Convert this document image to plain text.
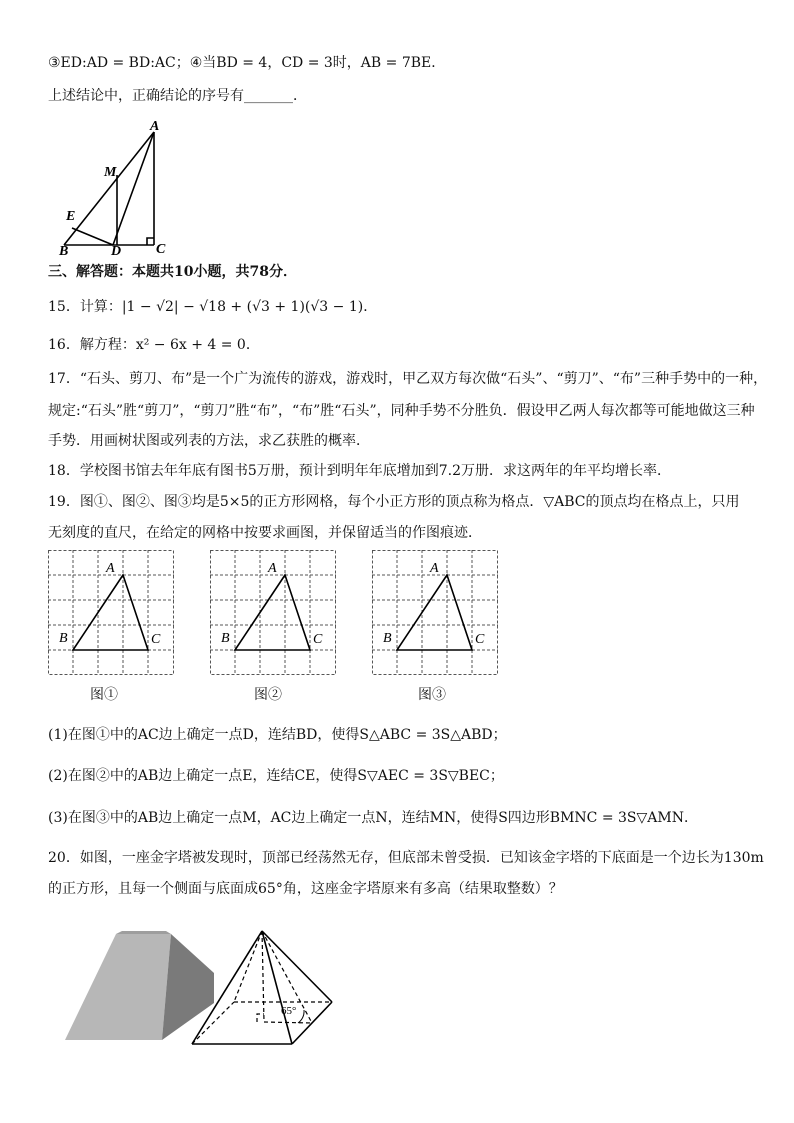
③ED:AD = BD:AC；④当BD = 4，CD = 3时，AB = 7BE．
上述结论中，正确结论的序号有_______．
A
M
E
B	D C
三、解答题：本题共10小题，共78分．
15．计算：|1 − √2| − √18 + (√3 + 1)(√3 − 1)．
16．解方程：x² − 6x + 4 = 0．
17．“石头、剪刀、布”是一个广为流传的游戏，游戏时，甲乙双方每次做“石头”、“剪刀”、“布”三种手势中的一种，
规定:“石头”胜“剪刀”，“剪刀”胜“布”，“布”胜“石头”，同种手势不分胜负．假设甲乙两人每次都等可能地做这三种
手势．用画树状图或列表的方法，求乙获胜的概率．
18．学校图书馆去年年底有图书5万册，预计到明年年底增加到7.2万册．求这两年的年平均增长率．
19．图①、图②、图③均是5×5的正方形网格，每个小正方形的顶点称为格点．▽ABC的顶点均在格点上，只用
无刻度的直尺，在给定的网格中按要求画图，并保留适当的作图痕迹．
A
B	C
图①
A
B	C
图②
A
B	C
图③
(1)在图①中的AC边上确定一点D，连结BD，使得S△ABC = 3S△ABD；
(2)在图②中的AB边上确定一点E，连结CE，使得S▽AEC = 3S▽BEC；
(3)在图③中的AB边上确定一点M，AC边上确定一点N，连结MN，使得S四边形BMNC = 3S▽AMN．
20．如图，一座金字塔被发现时，顶部已经荡然无存，但底部未曾受损．已知该金字塔的下底面是一个边长为130m
的正方形，且每一个侧面与底面成65°角，这座金字塔原来有多高（结果取整数）？
65°
